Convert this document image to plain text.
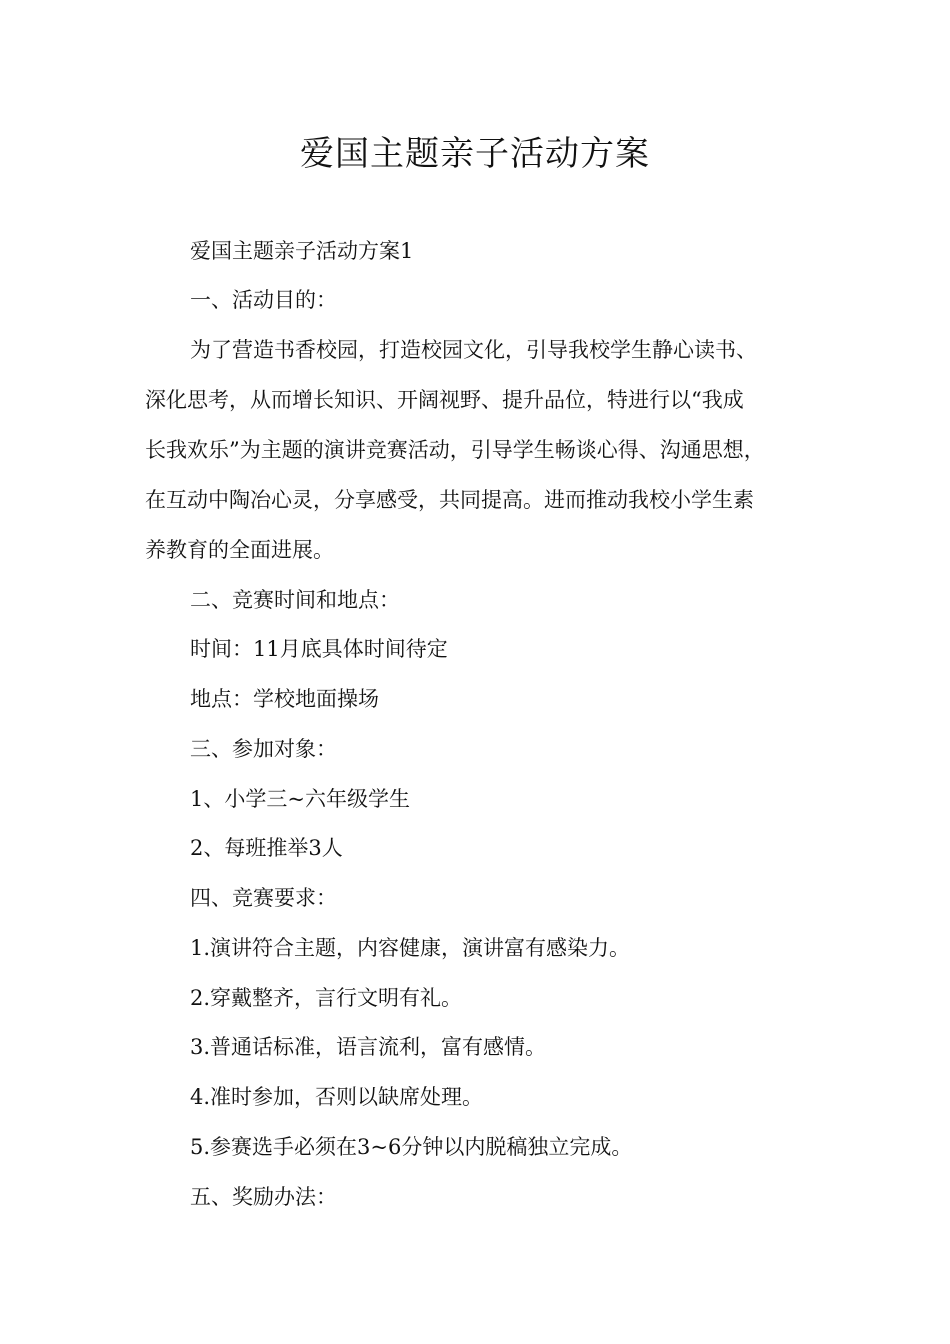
爱国主题亲子活动方案

爱国主题亲子活动方案1

一、活动目的：

为了营造书香校园，打造校园文化，引导我校学生静心读书、

深化思考，从而增长知识、开阔视野、提升品位，特进行以“我成

长我欢乐”为主题的演讲竞赛活动，引导学生畅谈心得、沟通思想，

在互动中陶冶心灵，分享感受，共同提高。进而推动我校小学生素

养教育的全面进展。

二、竞赛时间和地点：

时间：11月底具体时间待定

地点：学校地面操场

三、参加对象：

1、小学三~六年级学生

2、每班推举3人

四、竞赛要求：

1.演讲符合主题，内容健康，演讲富有感染力。

2.穿戴整齐，言行文明有礼。

3.普通话标准，语言流利，富有感情。

4.准时参加，否则以缺席处理。

5.参赛选手必须在3~6分钟以内脱稿独立完成。

五、奖励办法：
